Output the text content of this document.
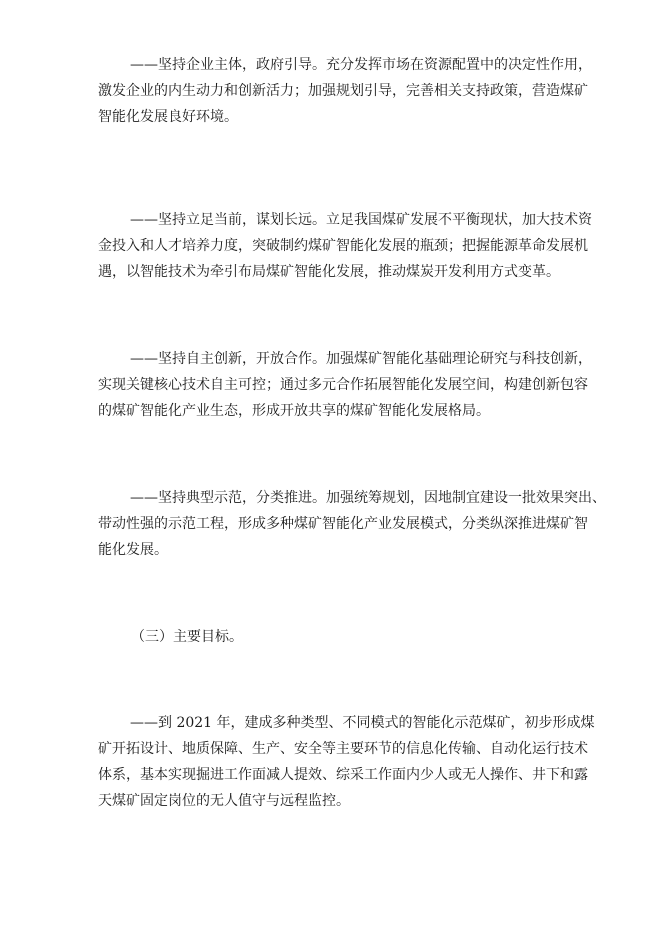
——坚持企业主体，政府引导。充分发挥市场在资源配置中的决定性作用，
激发企业的内生动力和创新活力；加强规划引导，完善相关支持政策，营造煤矿
智能化发展良好环境。
——坚持立足当前，谋划长远。立足我国煤矿发展不平衡现状，加大技术资
金投入和人才培养力度，突破制约煤矿智能化发展的瓶颈；把握能源革命发展机
遇，以智能技术为牵引布局煤矿智能化发展，推动煤炭开发利用方式变革。
——坚持自主创新，开放合作。加强煤矿智能化基础理论研究与科技创新，
实现关键核心技术自主可控；通过多元合作拓展智能化发展空间，构建创新包容
的煤矿智能化产业生态，形成开放共享的煤矿智能化发展格局。
——坚持典型示范，分类推进。加强统筹规划，因地制宜建设一批效果突出、
带动性强的示范工程，形成多种煤矿智能化产业发展模式，分类纵深推进煤矿智
能化发展。

（三）主要目标。

——到 2021 年，建成多种类型、不同模式的智能化示范煤矿，初步形成煤
矿开拓设计、地质保障、生产、安全等主要环节的信息化传输、自动化运行技术
体系，基本实现掘进工作面减人提效、综采工作面内少人或无人操作、井下和露
天煤矿固定岗位的无人值守与远程监控。
